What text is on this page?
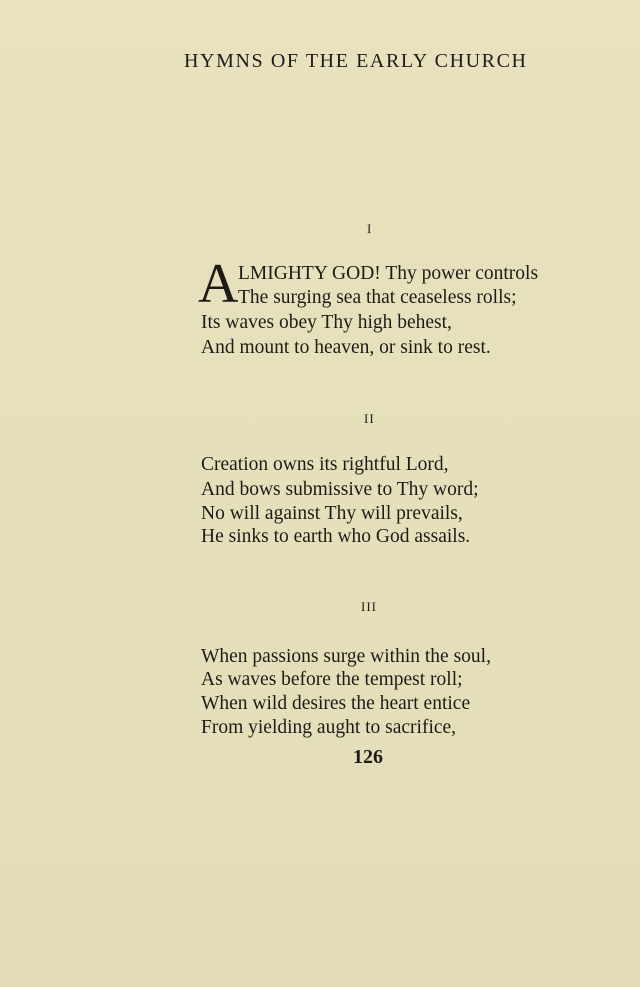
HYMNS OF THE EARLY CHURCH
I
A LMIGHTY GOD! Thy power controls
The surging sea that ceaseless rolls;
Its waves obey Thy high behest,
And mount to heaven, or sink to rest.
II
Creation owns its rightful Lord,
And bows submissive to Thy word;
No will against Thy will prevails,
He sinks to earth who God assails.
III
When passions surge within the soul,
As waves before the tempest roll;
When wild desires the heart entice
From yielding aught to sacrifice,
126
